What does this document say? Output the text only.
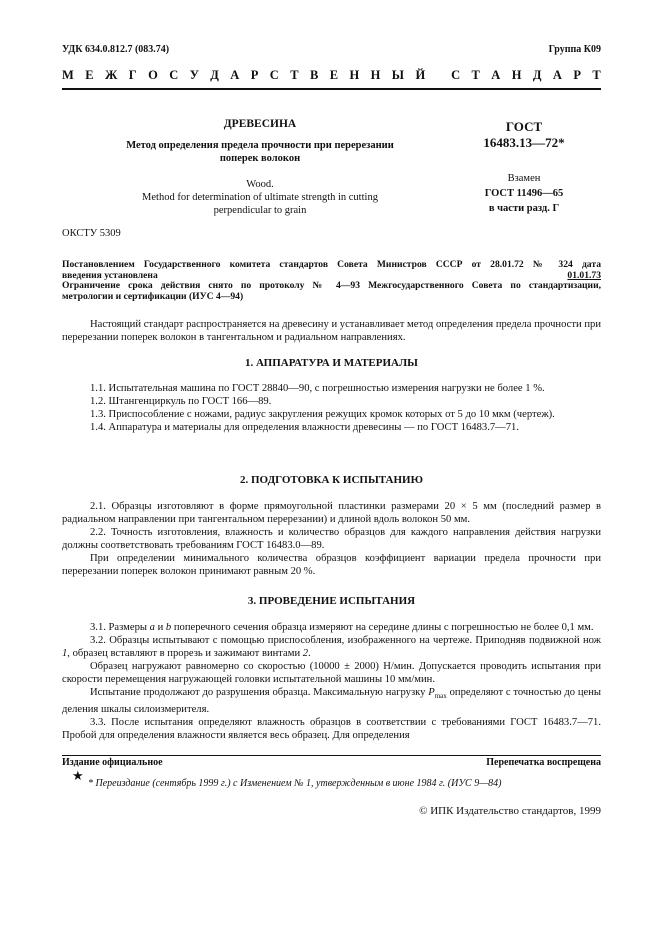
УДК 634.0.812.7 (083.74)	Группа К09
М Е Ж Г О С У Д А Р С Т В Е Н Н Ы Й
С Т А Н Д А Р Т
ДРЕВЕСИНА
Метод определения предела прочности при перерезании
поперек волокон
Wood.
Method for determination of ultimate strength in cutting
perpendicular to grain
ГОСТ
16483.13—72*
Взамен
ГОСТ 11496—65
в части разд. Г
ОКСТУ 5309
Постановлением Государственного комитета стандартов Совета Министров СССР от 28.01.72 № 324 дата
введения установлена	01.01.73
Ограничение срока действия снято по протоколу № 4—93 Межгосударственного Совета по стандартизации,
метрологии и сертификации (ИУС 4—94)

Настоящий стандарт распространяется на древесину и устанавливает метод определения предела прочности при перерезании поперек волокон в тангентальном и радиальном направлениях.

1. АППАРАТУРА И МАТЕРИАЛЫ

1.1. Испытательная машина по ГОСТ 28840—90, с погрешностью измерения нагрузки не более 1 %.

1.2. Штангенциркуль по ГОСТ 166—89.

1.3. Приспособление с ножами, радиус закругления режущих кромок которых от 5 до 10 мкм (чертеж).

1.4. Аппаратура и материалы для определения влажности древесины — по ГОСТ 16483.7—71.

2. ПОДГОТОВКА К ИСПЫТАНИЮ

2.1. Образцы изготовляют в форме прямоугольной пластинки размерами 20 × 5 мм (последний размер в радиальном направлении при тангентальном перерезании) и длиной вдоль волокон 50 мм.

2.2. Точность изготовления, влажность и количество образцов для каждого направления действия нагрузки должны соответствовать требованиям ГОСТ 16483.0—89.

При определении минимального количества образцов коэффициент вариации предела прочности при перерезании поперек волокон принимают равным 20 %.

3. ПРОВЕДЕНИЕ ИСПЫТАНИЯ

3.1. Размеры a и b поперечного сечения образца измеряют на середине длины с погрешностью не более 0,1 мм.

3.2. Образцы испытывают с помощью приспособления, изображенного на чертеже. Приподняв подвижной нож 1, образец вставляют в прорезь и зажимают винтами 2.

Образец нагружают равномерно со скоростью (10000 ± 2000) Н/мин. Допускается проводить испытания при скорости перемещения нагружающей головки испытательной машины 10 мм/мин.

Испытание продолжают до разрушения образца. Максимальную нагрузку $P_{max}$ определяют с точностью до цены деления шкалы силоизмерителя.

3.3. После испытания определяют влажность образцов в соответствии с требованиями ГОСТ 16483.7—71. Пробой для определения влажности является весь образец. Для определения

Издание официальное	Перепечатка воспрещена
★
* Переиздание (сентябрь 1999 г.) с Изменением № 1, утвержденным в июне 1984 г. (ИУС 9—84)
© ИПК Издательство стандартов, 1999
